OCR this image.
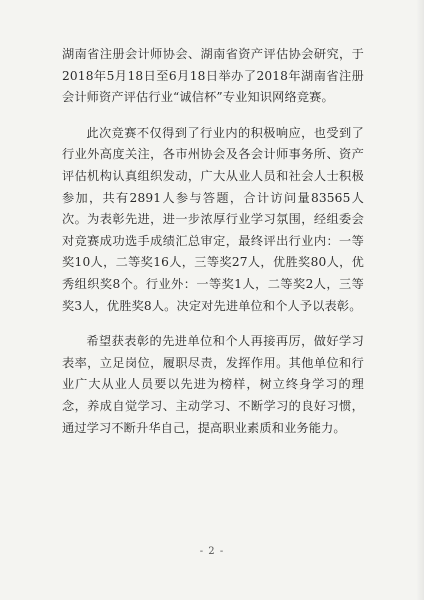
湖南省注册会计师协会、湖南省资产评估协会研究，于2018年5月18日至6月18日举办了2018年湖南省注册会计师资产评估行业“诚信杯”专业知识网络竞赛。

此次竞赛不仅得到了行业内的积极响应，也受到了行业外高度关注，各市州协会及各会计师事务所、资产评估机构认真组织发动，广大从业人员和社会人士积极参加，共有2891人参与答题，合计访问量83565人次。为表彰先进，进一步浓厚行业学习氛围，经组委会对竞赛成功选手成绩汇总审定，最终评出行业内：一等奖10人，二等奖16人，三等奖27人，优胜奖80人，优秀组织奖8个。行业外：一等奖1人，二等奖2人，三等奖3人，优胜奖8人。决定对先进单位和个人予以表彰。

希望获表彰的先进单位和个人再接再厉，做好学习表率，立足岗位，履职尽责，发挥作用。其他单位和行业广大从业人员要以先进为榜样，树立终身学习的理念，养成自觉学习、主动学习、不断学习的良好习惯，通过学习不断升华自己，提高职业素质和业务能力。

- 2 -
